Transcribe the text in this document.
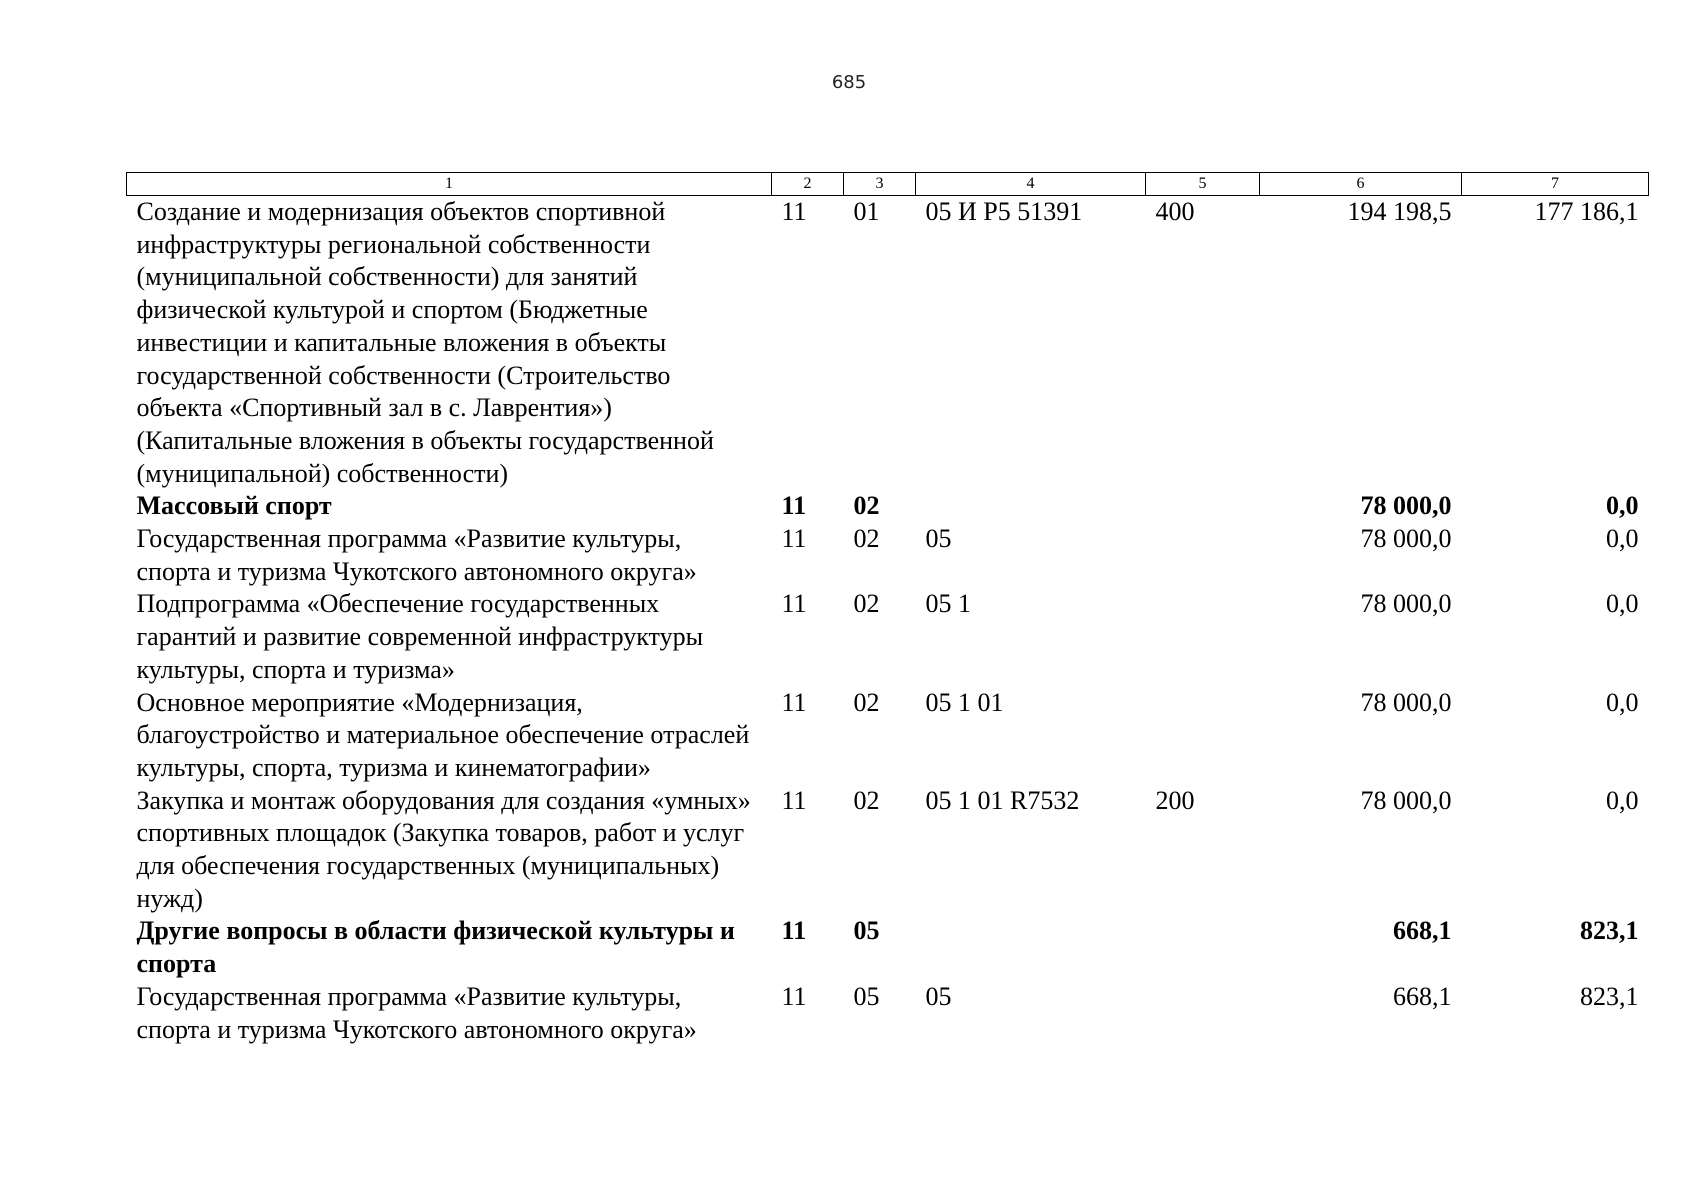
685
1	2	3	4	5	6	7
Создание и модернизация объектов спортивной инфраструктуры региональной собственности (муниципальной собственности) для занятий физической культурой и спортом (Бюджетные инвестиции и капитальные вложения в объекты государственной собственности (Строительство объекта «Спортивный зал в с. Лаврентия») (Капитальные вложения в объекты государственной (муниципальной) собственности)	11	01	05 И Р5 51391	400	194 198,5	177 186,1
Массовый спорт	11	02			78 000,0	0,0
Государственная программа «Развитие культуры, спорта и туризма Чукотского автономного округа»	11	02	05		78 000,0	0,0
Подпрограмма «Обеспечение государственных гарантий и развитие современной инфраструктуры культуры, спорта и туризма»	11	02	05 1		78 000,0	0,0
Основное мероприятие «Модернизация, благоустройство и материальное обеспечение отраслей культуры, спорта, туризма и кинематографии»	11	02	05 1 01		78 000,0	0,0
Закупка и монтаж оборудования для создания «умных» спортивных площадок (Закупка товаров, работ и услуг для обеспечения государственных (муниципальных) нужд)	11	02	05 1 01 R7532	200	78 000,0	0,0
Другие вопросы в области физической культуры и спорта	11	05			668,1	823,1
Государственная программа «Развитие культуры, спорта и туризма Чукотского автономного округа»	11	05	05		668,1	823,1
